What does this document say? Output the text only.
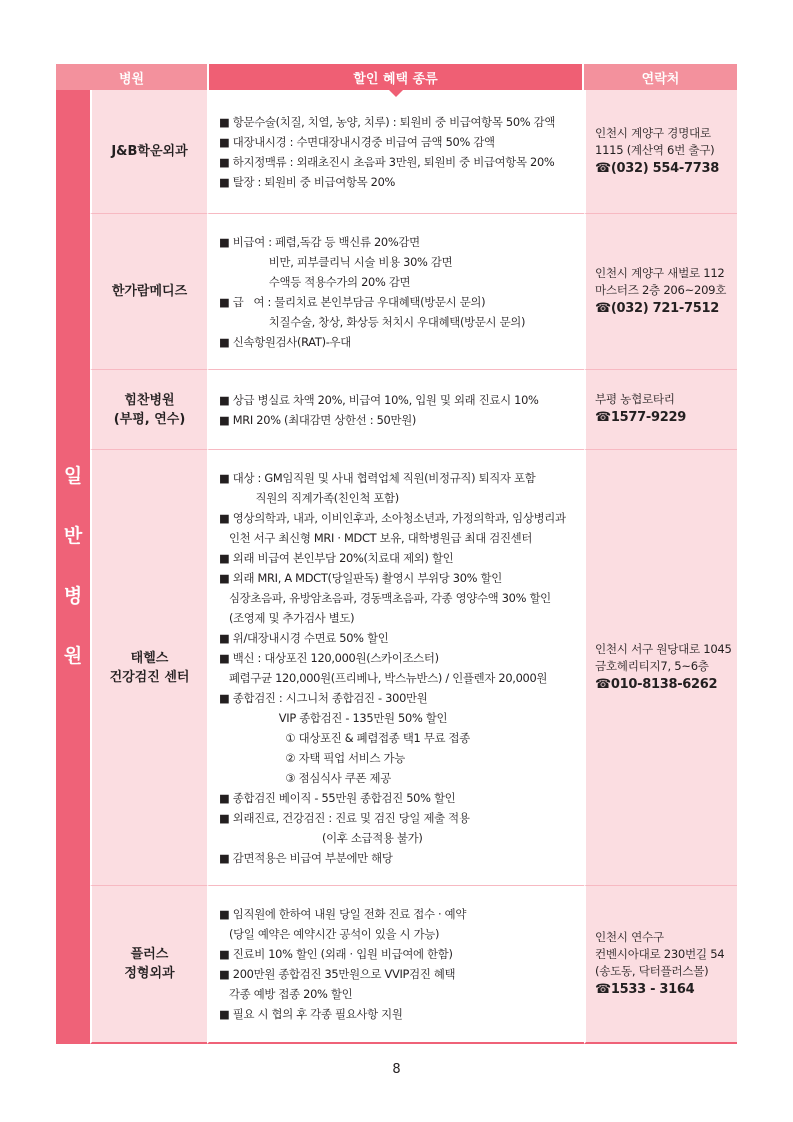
병원	할인 혜택 종류	연락처
일
반
병
원
J&B학운외과
■ 항문수술(치질, 치열, 농양, 치루) : 퇴원비 중 비급여항목 50% 감액
■ 대장내시경 : 수면대장내시경중 비급여 금액 50% 감액
■ 하지정맥류 : 외래초진시 초음파 3만원, 퇴원비 중 비급여항목 20%
■ 탈장 : 퇴원비 중 비급여항목 20%
인천시 계양구 경명대로
1115 (계산역 6번 출구)
☎(032) 554-7738
한가람메디즈
■ 비급여 : 페렴,독감 등 백신류 20%감면
비만, 피부클리닉 시술 비용 30% 감면
수액등 적용수가의 20% 감면
■ 급   여 : 물리치료 본인부담금 우대혜택(방문시 문의)
치질수술, 창상, 화상등 처치시 우대혜택(방문시 문의)
■ 신속항원검사(RAT)-우대
인천시 계양구 새벌로 112
마스터즈 2층 206~209호
☎(032) 721-7512
힘찬병원
(부평, 연수)
■ 상급 병실료 차액 20%, 비급여 10%, 입원 및 외래 진료시 10%
■ MRI 20% (최대감면 상한선 : 50만원)
부평 농협로타리
☎1577-9229
태헬스
건강검진 센터
■ 대상 : GM임직원 및 사내 협력업체 직원(비정규직) 퇴직자 포함
직원의 직계가족(친인척 포함)
■ 영상의학과, 내과, 이비인후과, 소아청소년과, 가정의학과, 임상병리과
인천 서구 최신형 MRI · MDCT 보유, 대학병원급 최대 검진센터
■ 외래 비급여 본인부담 20%(치료대 제외) 할인
■ 외래 MRI, A MDCT(당일판독) 촬영시 부위당 30% 할인
심장초음파, 유방암초음파, 경동맥초음파, 각종 영양수액 30% 할인
(조영제 및 추가검사 별도)
■ 위/대장내시경 수면료 50% 할인
■ 백신 : 대상포진 120,000원(스카이조스터)
폐렴구균 120,000원(프리베나, 박스뉴반스) / 인플렌자 20,000원
■ 종합검진 : 시그니처 종합검진 - 300만원
VIP 종합검진 - 135만원 50% 할인
① 대상포진 & 폐렴접종 택1 무료 접종
② 자택 픽업 서비스 가능
③ 점심식사 쿠폰 제공
■ 종합검진 베이직 - 55만원 종합검진 50% 할인
■ 외래진료, 건강검진 : 진료 및 검진 당일 제출 적용
(이후 소급적용 불가)
■ 감면적용은 비급여 부분에만 해당
인천시 서구 원당대로 1045
금호헤리티지7, 5~6층
☎010-8138-6262
플러스
정형외과
■ 임직원에 한하여 내원 당일 전화 진료 접수 · 예약
(당일 예약은 예약시간 공석이 있을 시 가능)
■ 진료비 10% 할인 (외래 · 입원 비급여에 한함)
■ 200만원 종합검진 35만원으로 VVIP검진 혜택
각종 예방 접종 20% 할인
■ 필요 시 협의 후 각종 필요사항 지원
인천시 연수구
컨벤시아대로 230번길 54
(송도동, 닥터플러스몰)
☎1533 - 3164
8
